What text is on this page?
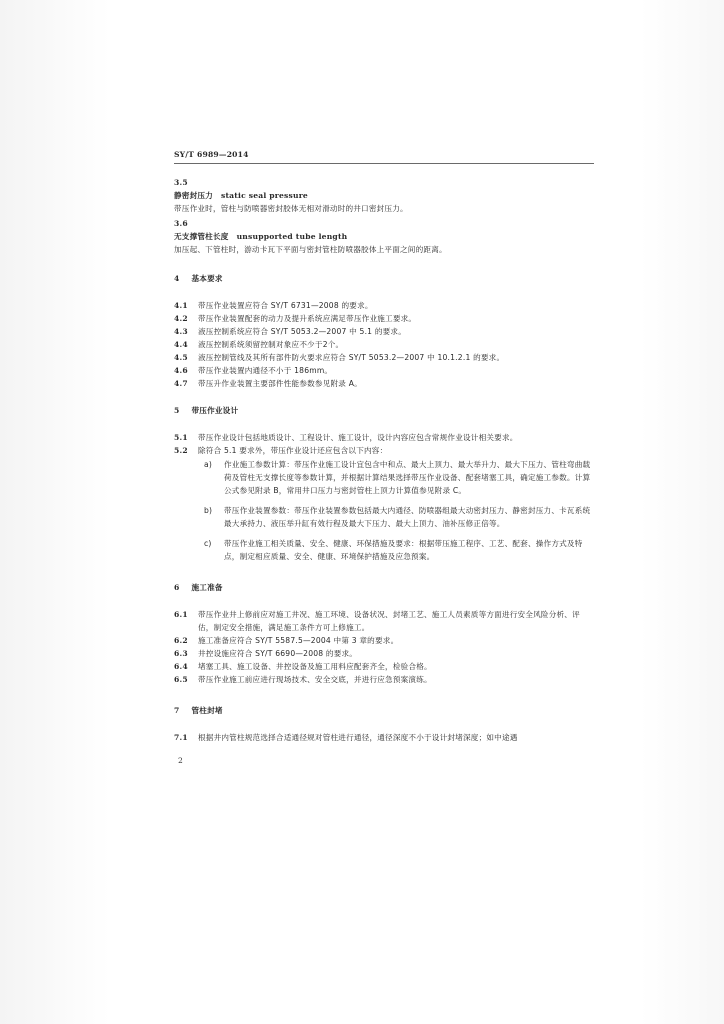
SY/T 6989—2014
3.5
静密封压力 static seal pressure
带压作业时，管柱与防喷器密封胶体无相对滑动时的井口密封压力。
3.6
无支撑管柱长度 unsupported tube length
加压起、下管柱时，游动卡瓦下平面与密封管柱防喷器胶体上平面之间的距离。
4 基本要求
4.1	带压作业装置应符合 SY/T 6731—2008 的要求。
4.2	带压作业装置配套的动力及提升系统应满足带压作业施工要求。
4.3	液压控制系统应符合 SY/T 5053.2—2007 中 5.1 的要求。
4.4	液压控制系统须留控制对象应不少于2个。
4.5	液压控制管线及其所有部件防火要求应符合 SY/T 5053.2—2007 中 10.1.2.1 的要求。
4.6	带压作业装置内通径不小于 186mm。
4.7	带压升作业装置主要部件性能参数参见附录 A。
5 带压作业设计
5.1	带压作业设计包括地质设计、工程设计、施工设计，设计内容应包含常规作业设计相关要求。
5.2	除符合 5.1 要求外，带压作业设计还应包含以下内容：
a)	作业施工参数计算：带压作业施工设计宜包含中和点、最大上顶力、最大举升力、最大下压力、管柱弯曲载荷及管柱无支撑长度等参数计算，并根据计算结果选择带压作业设备、配套堵塞工具，确定施工参数。计算公式参见附录 B，常用井口压力与密封管柱上顶力计算值参见附录 C。
b)	带压作业装置参数：带压作业装置参数包括最大内通径、防喷器组最大动密封压力、静密封压力、卡瓦系统最大承持力、液压举升缸有效行程及最大下压力、最大上顶力、油补压修正倍等。
c)	带压作业施工相关质量、安全、健康、环保措施及要求：根据带压施工程序、工艺、配套、操作方式及特点，制定相应质量、安全、健康、环境保护措施及应急预案。
6 施工准备
6.1	带压作业井上修前应对施工井况、施工环境、设备状况、封堵工艺、施工人员素质等方面进行安全风险分析、评估，制定安全措施，满足施工条件方可上修施工。
6.2	施工准备应符合 SY/T 5587.5—2004 中第 3 章的要求。
6.3	井控设施应符合 SY/T 6690—2008 的要求。
6.4	堵塞工具、施工设备、井控设备及施工用料应配套齐全，检验合格。
6.5	带压作业施工前应进行现场技术、安全交底，并进行应急预案演练。
7 管柱封堵
7.1	根据井内管柱规范选择合适通径规对管柱进行通径，通径深度不小于设计封堵深度；如中途遇
2
